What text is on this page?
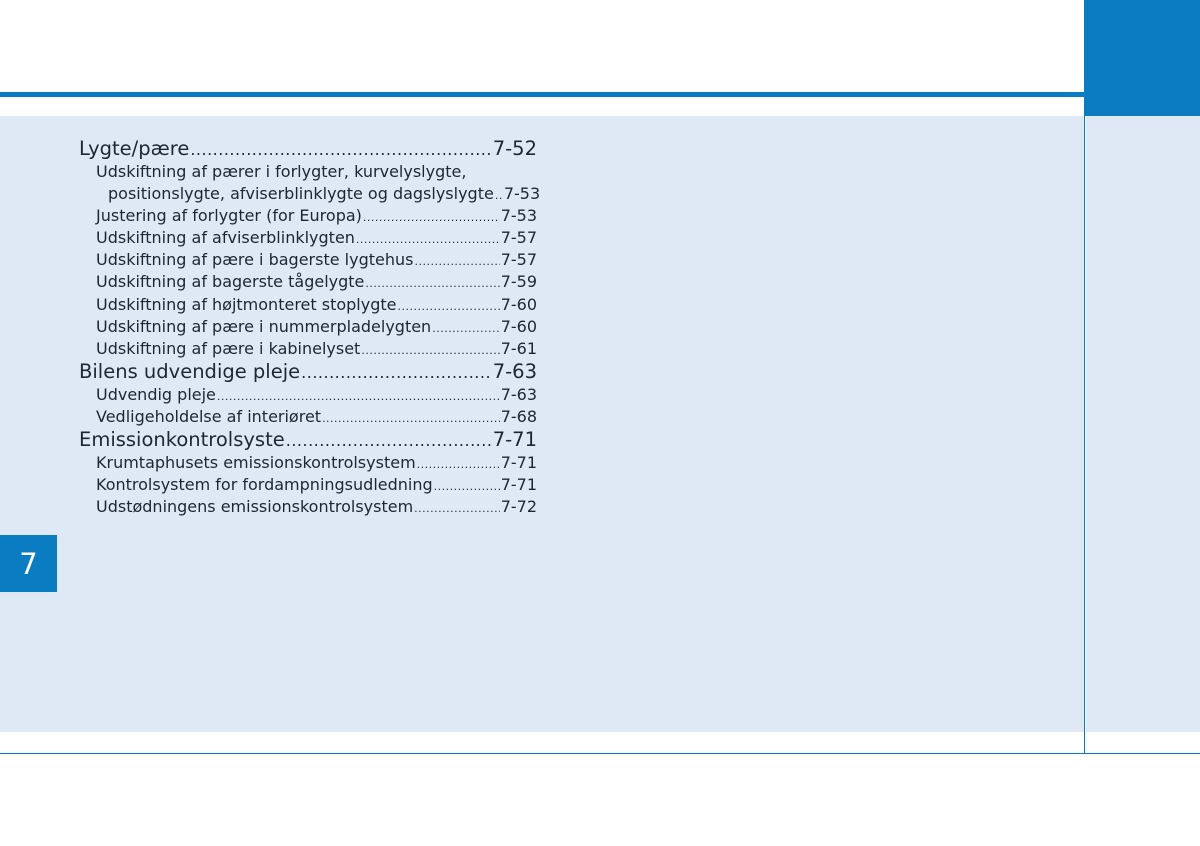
7
Lygte/pære .....	7-52
Udskiftning af pærer i forlygter, kurvelyslygte,
positionslygte, afviserblinklygte og dagslyslygte ..... 7-53
Justering af forlygter (for Europa) .....	7-53
Udskiftning af afviserblinklygten .....	7-57
Udskiftning af pære i bagerste lygtehus .....	7-57
Udskiftning af bagerste tågelygte .....	7-59
Udskiftning af højtmonteret stoplygte .....	7-60
Udskiftning af pære i nummerpladelygten .....	7-60
Udskiftning af pære i kabinelyset .....	7-61
Bilens udvendige pleje .....	7-63
Udvendig pleje .....	7-63
Vedligeholdelse af interiøret .....	7-68
Emissionkontrolsyste .....	7-71
Krumtaphusets emissionskontrolsystem .....	7-71
Kontrolsystem for fordampningsudledning .....	7-71
Udstødningens emissionskontrolsystem .....	7-72
